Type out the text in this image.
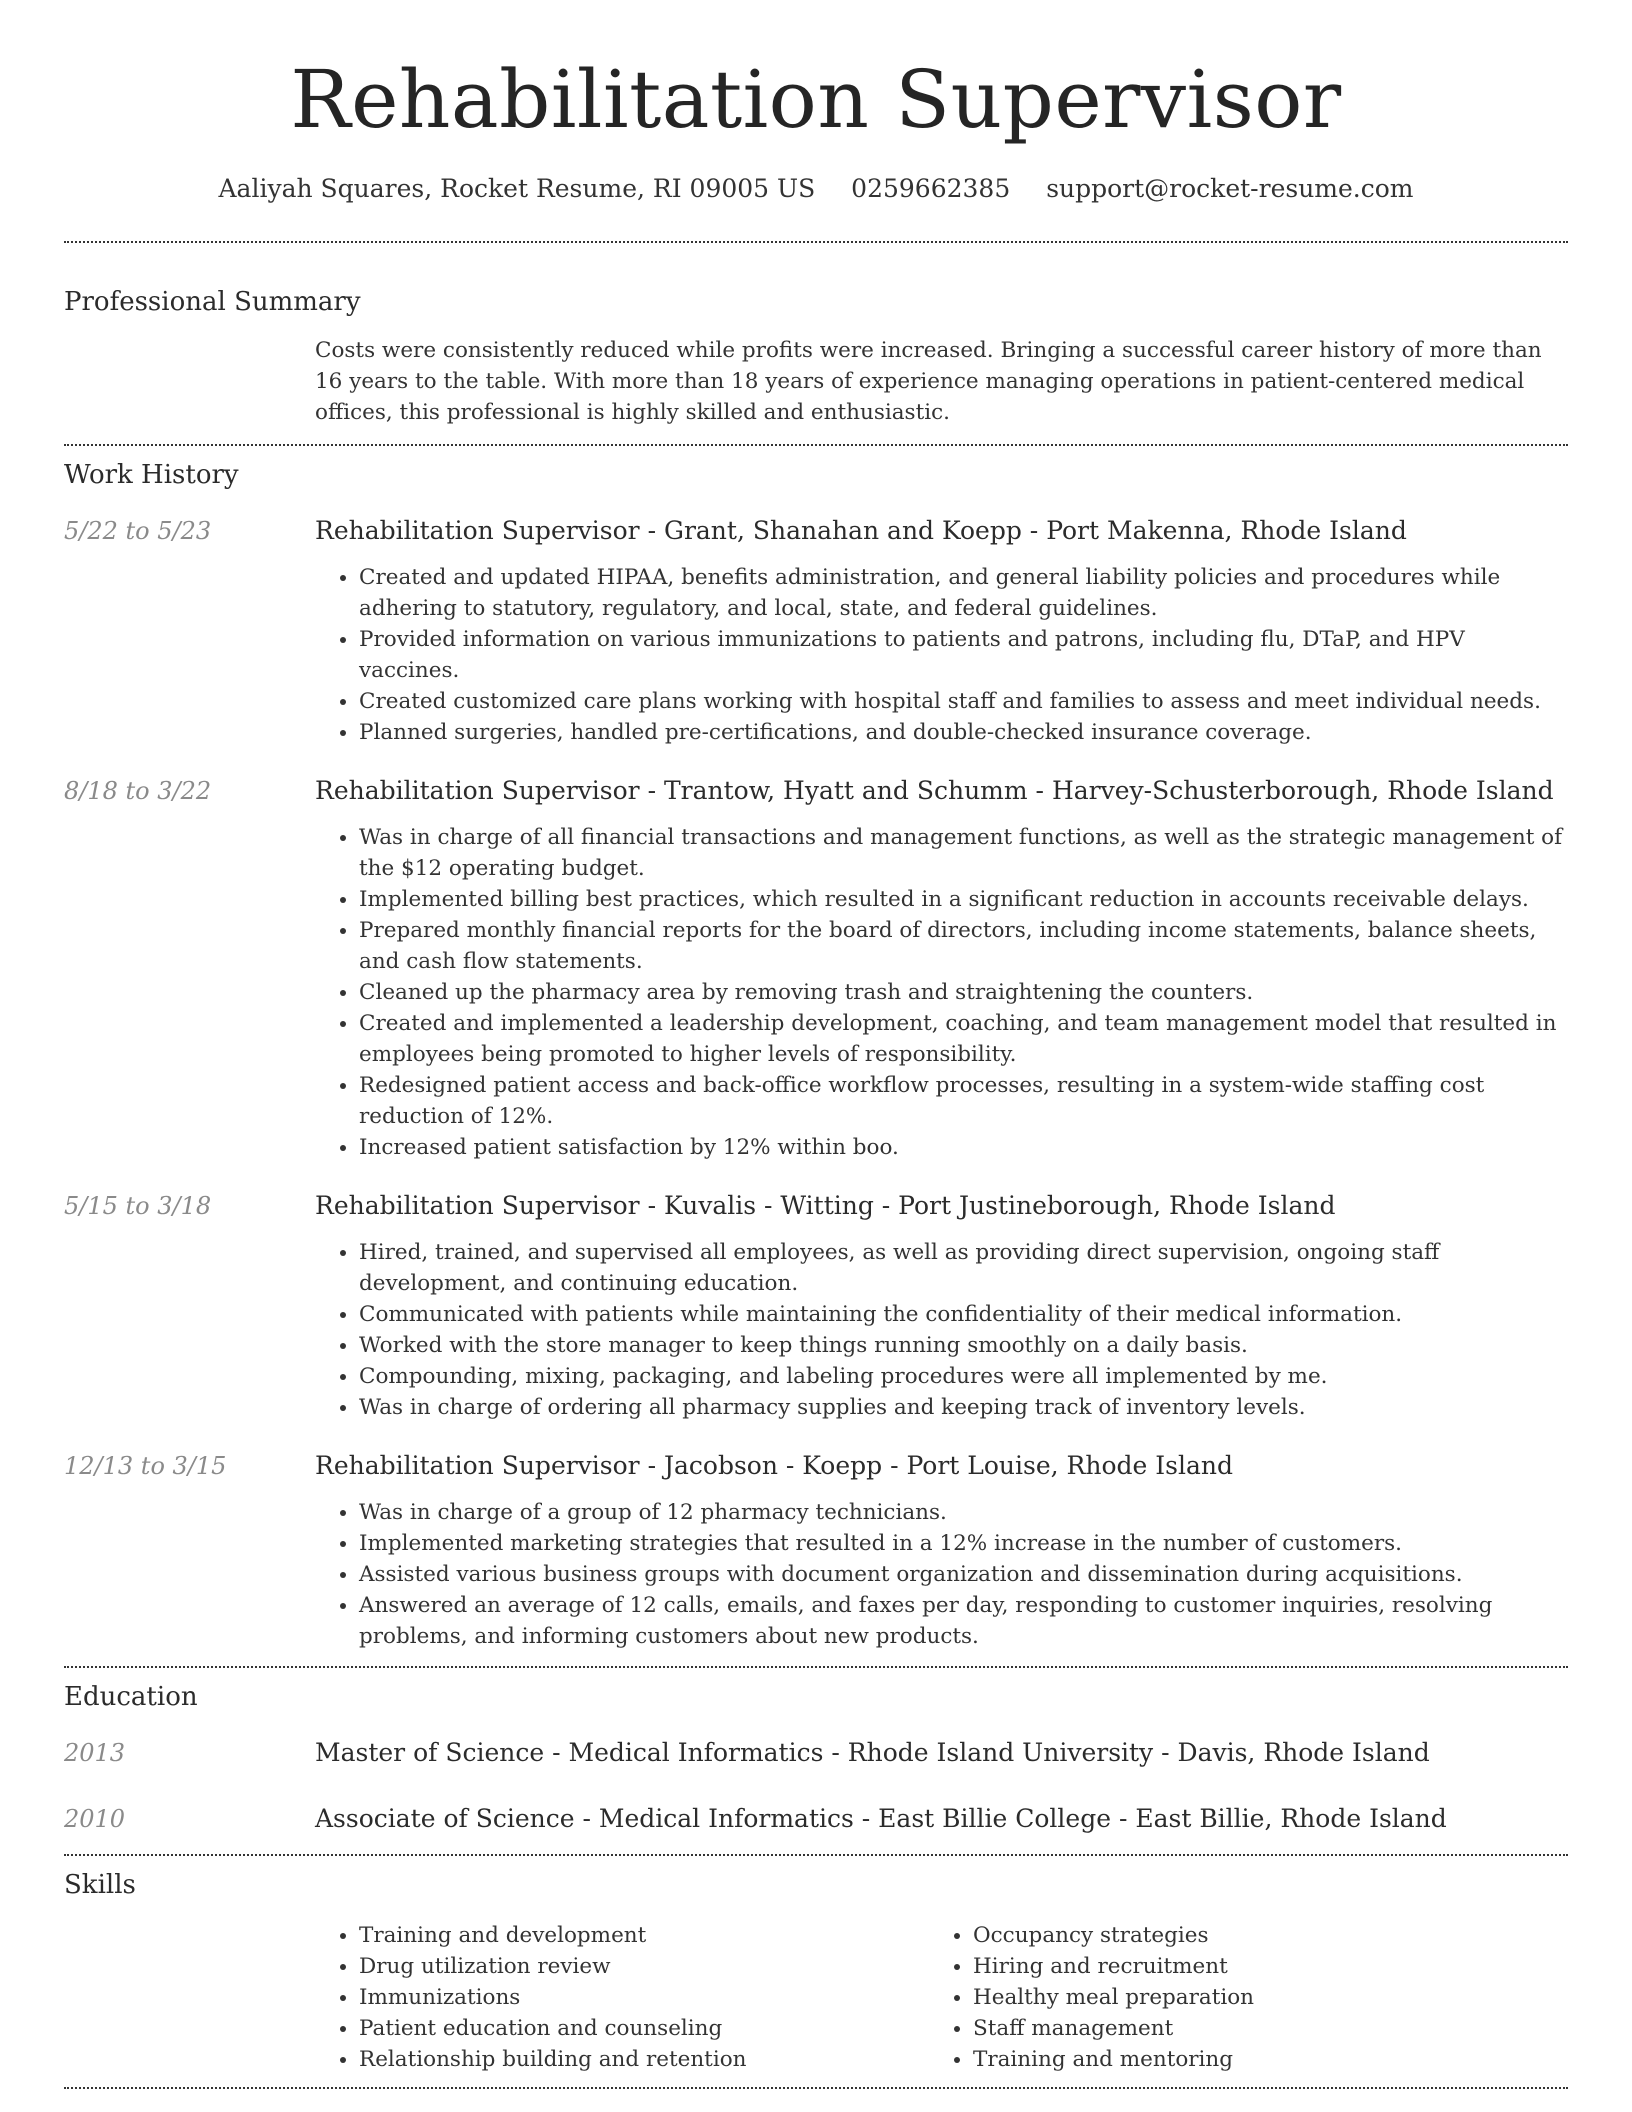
Rehabilitation Supervisor
Aaliyah Squares, Rocket Resume, RI 09005 US 0259662385 support@rocket-resume.com
Professional Summary
Costs were consistently reduced while profits were increased. Bringing a successful career history of more than 16 years to the table. With more than 18 years of experience managing operations in patient-centered medical offices, this professional is highly skilled and enthusiastic.
Work History
5/22 to 5/23	Rehabilitation Supervisor - Grant, Shanahan and Koepp - Port Makenna, Rhode Island
• Created and updated HIPAA, benefits administration, and general liability policies and procedures while adhering to statutory, regulatory, and local, state, and federal guidelines.
• Provided information on various immunizations to patients and patrons, including flu, DTaP, and HPV vaccines.
• Created customized care plans working with hospital staff and families to assess and meet individual needs.
• Planned surgeries, handled pre-certifications, and double-checked insurance coverage.
8/18 to 3/22	Rehabilitation Supervisor - Trantow, Hyatt and Schumm - Harvey-Schusterborough, Rhode Island
• Was in charge of all financial transactions and management functions, as well as the strategic management of the $12 operating budget.
• Implemented billing best practices, which resulted in a significant reduction in accounts receivable delays.
• Prepared monthly financial reports for the board of directors, including income statements, balance sheets, and cash flow statements.
• Cleaned up the pharmacy area by removing trash and straightening the counters.
• Created and implemented a leadership development, coaching, and team management model that resulted in employees being promoted to higher levels of responsibility.
• Redesigned patient access and back-office workflow processes, resulting in a system-wide staffing cost reduction of 12%.
• Increased patient satisfaction by 12% within boo.
5/15 to 3/18	Rehabilitation Supervisor - Kuvalis - Witting - Port Justineborough, Rhode Island
• Hired, trained, and supervised all employees, as well as providing direct supervision, ongoing staff development, and continuing education.
• Communicated with patients while maintaining the confidentiality of their medical information.
• Worked with the store manager to keep things running smoothly on a daily basis.
• Compounding, mixing, packaging, and labeling procedures were all implemented by me.
• Was in charge of ordering all pharmacy supplies and keeping track of inventory levels.
12/13 to 3/15	Rehabilitation Supervisor - Jacobson - Koepp - Port Louise, Rhode Island
• Was in charge of a group of 12 pharmacy technicians.
• Implemented marketing strategies that resulted in a 12% increase in the number of customers.
• Assisted various business groups with document organization and dissemination during acquisitions.
• Answered an average of 12 calls, emails, and faxes per day, responding to customer inquiries, resolving problems, and informing customers about new products.
Education
2013	Master of Science - Medical Informatics - Rhode Island University - Davis, Rhode Island
2010	Associate of Science - Medical Informatics - East Billie College - East Billie, Rhode Island
Skills
• Training and development
• Drug utilization review
• Immunizations
• Patient education and counseling
• Relationship building and retention
• Occupancy strategies
• Hiring and recruitment
• Healthy meal preparation
• Staff management
• Training and mentoring
